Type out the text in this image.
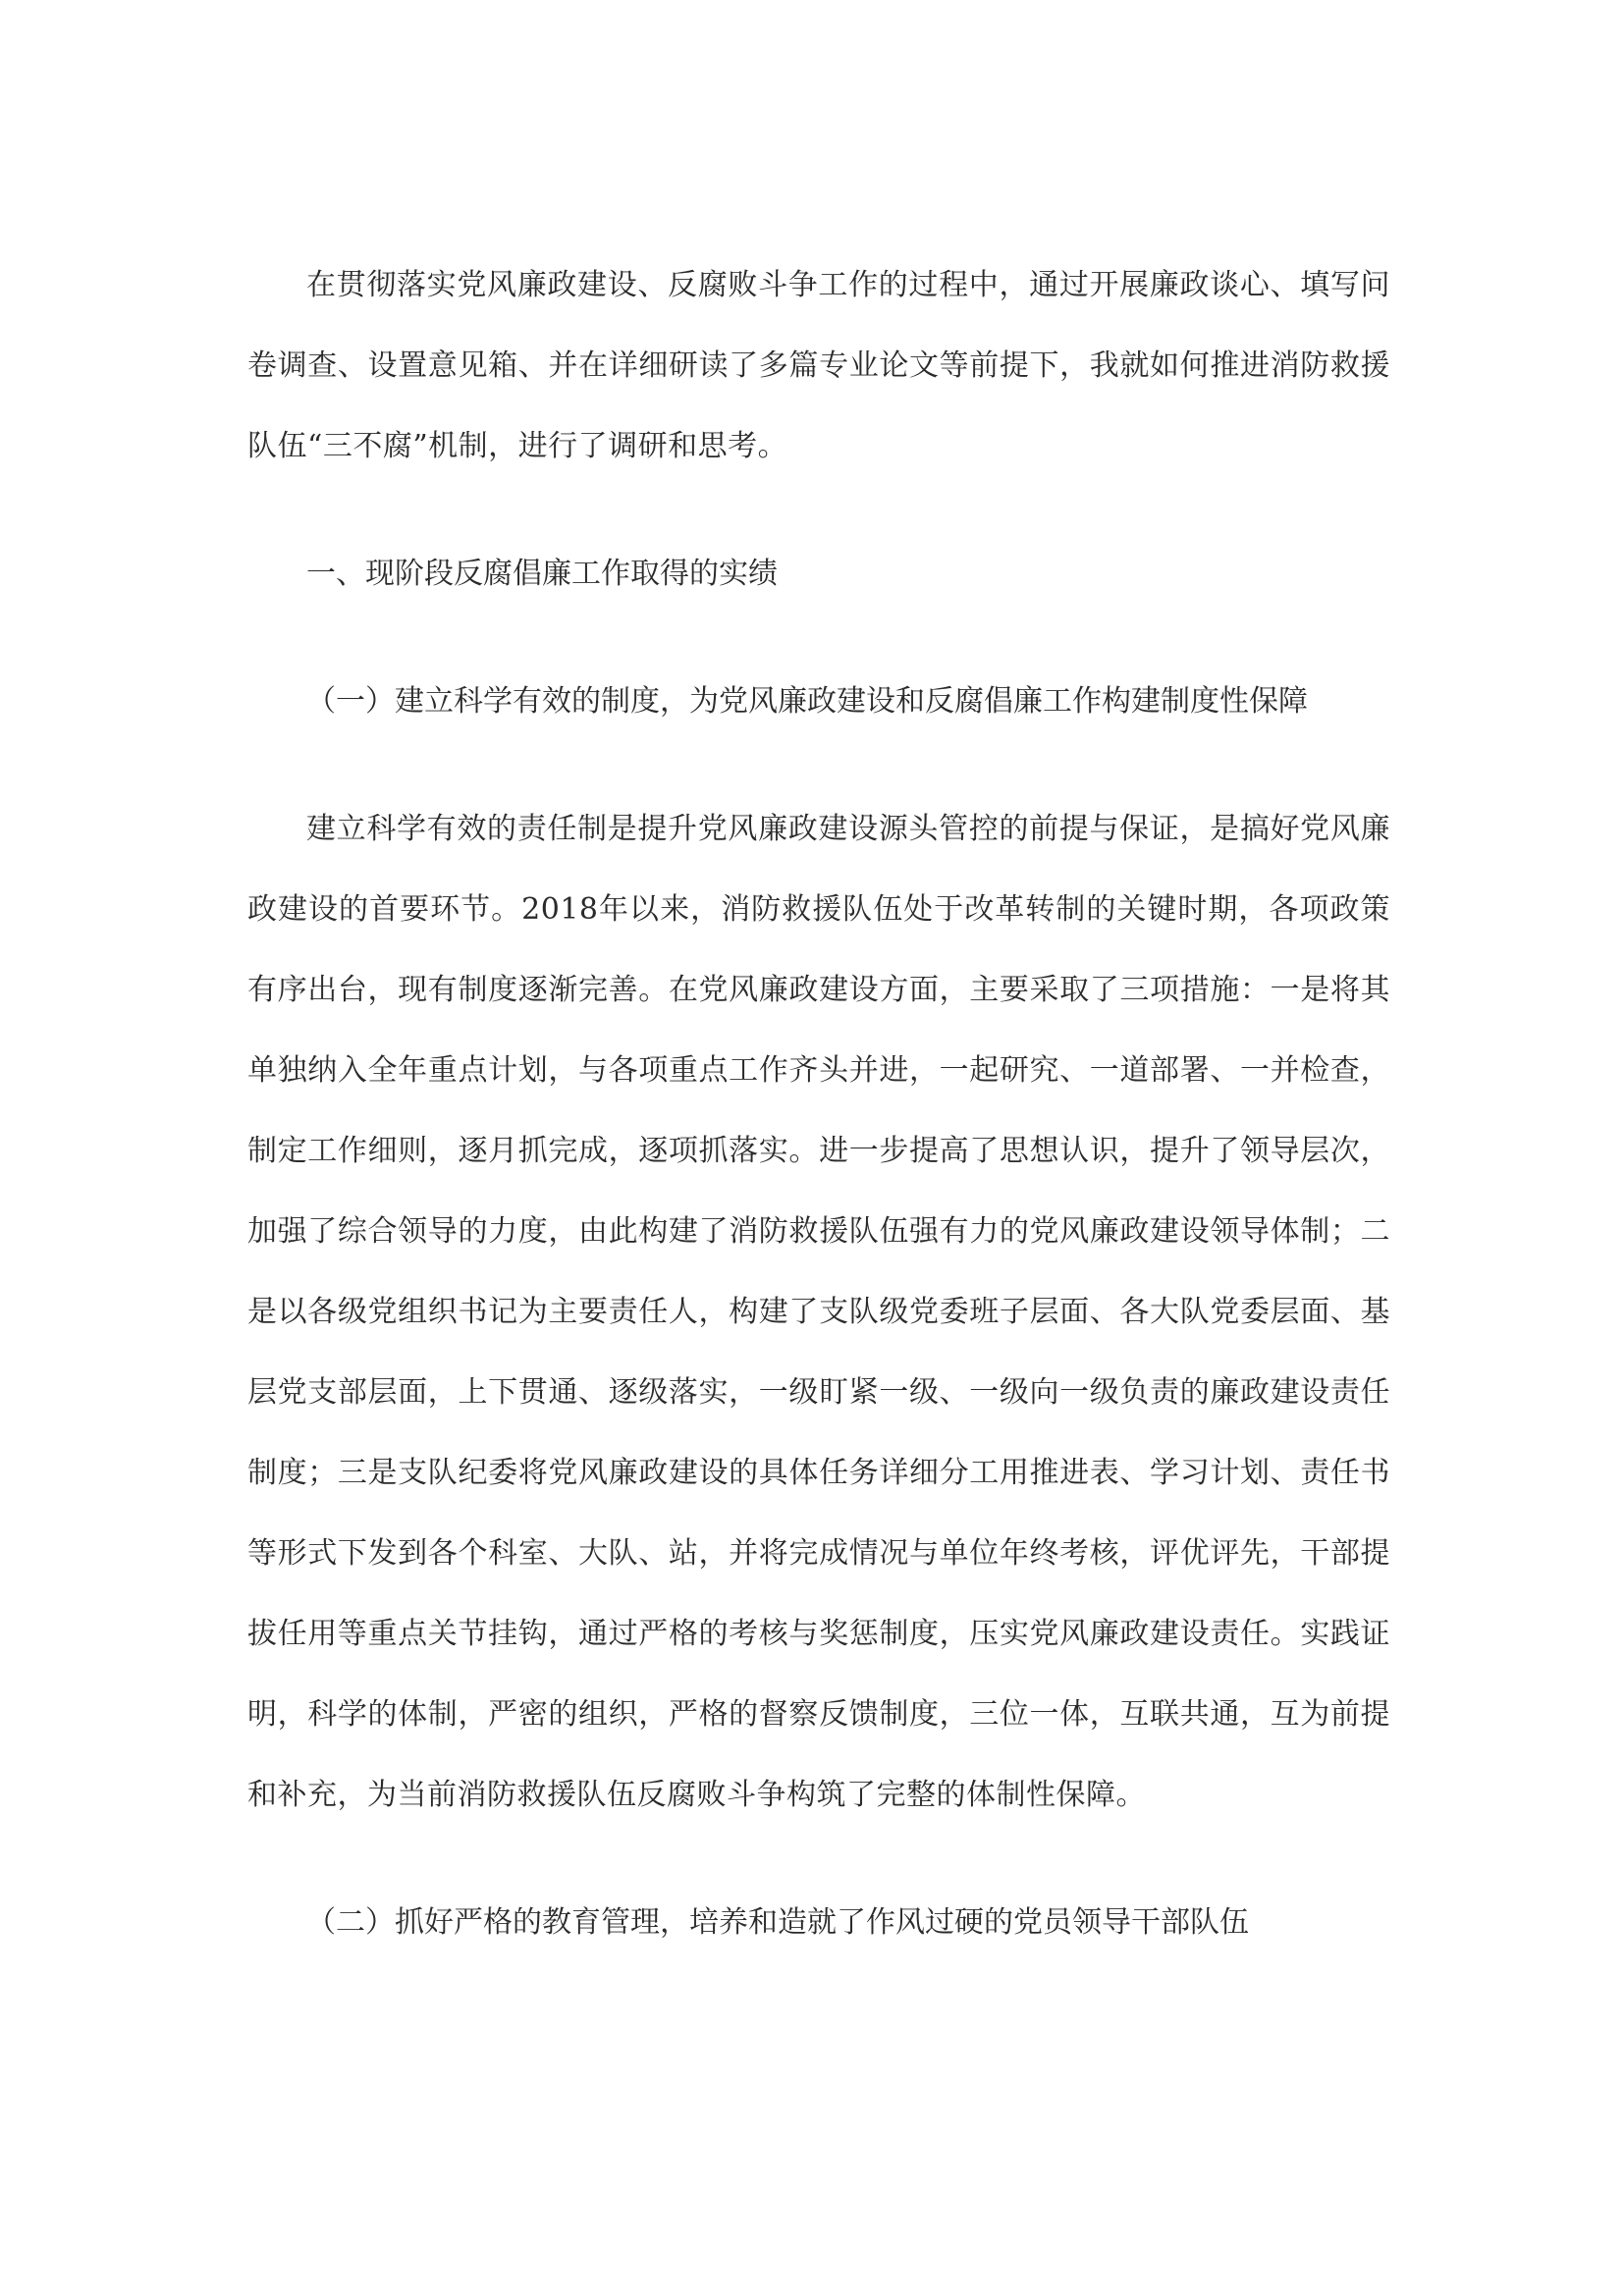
在贯彻落实党风廉政建设、反腐败斗争工作的过程中，通过开展廉政谈心、填写问卷调查、设置意见箱、并在详细研读了多篇专业论文等前提下，我就如何推进消防救援队伍“三不腐”机制，进行了调研和思考。

一、现阶段反腐倡廉工作取得的实绩

（一）建立科学有效的制度，为党风廉政建设和反腐倡廉工作构建制度性保障

建立科学有效的责任制是提升党风廉政建设源头管控的前提与保证，是搞好党风廉政建设的首要环节。2018年以来，消防救援队伍处于改革转制的关键时期，各项政策有序出台，现有制度逐渐完善。在党风廉政建设方面，主要采取了三项措施：一是将其单独纳入全年重点计划，与各项重点工作齐头并进，一起研究、一道部署、一并检查，制定工作细则，逐月抓完成，逐项抓落实。进一步提高了思想认识，提升了领导层次，加强了综合领导的力度，由此构建了消防救援队伍强有力的党风廉政建设领导体制；二是以各级党组织书记为主要责任人，构建了支队级党委班子层面、各大队党委层面、基层党支部层面，上下贯通、逐级落实，一级盯紧一级、一级向一级负责的廉政建设责任制度；三是支队纪委将党风廉政建设的具体任务详细分工用推进表、学习计划、责任书等形式下发到各个科室、大队、站，并将完成情况与单位年终考核，评优评先，干部提拔任用等重点关节挂钩，通过严格的考核与奖惩制度，压实党风廉政建设责任。实践证明，科学的体制，严密的组织，严格的督察反馈制度，三位一体，互联共通，互为前提和补充，为当前消防救援队伍反腐败斗争构筑了完整的体制性保障。

（二）抓好严格的教育管理，培养和造就了作风过硬的党员领导干部队伍
